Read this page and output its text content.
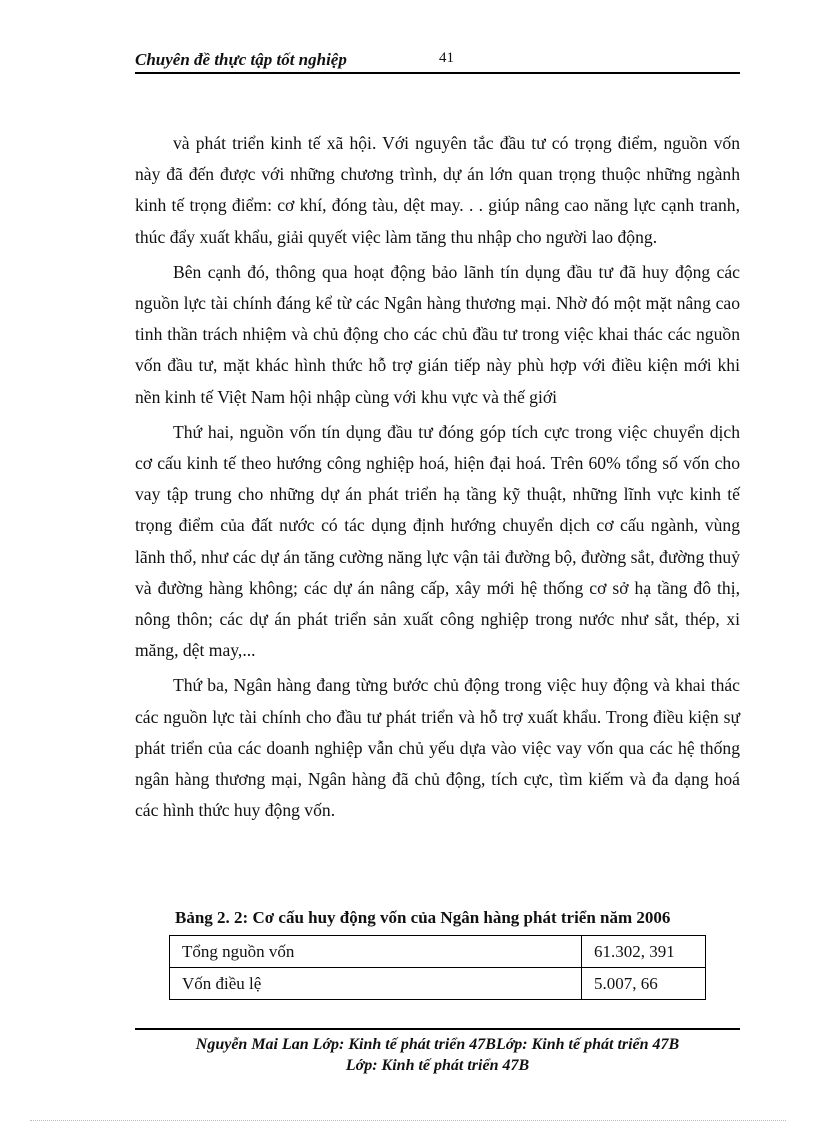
Chuyên đề thực tập tốt nghiệp	41

và phát triển kinh tế xã hội. Với nguyên tắc đầu tư có trọng điểm, nguồn vốn này đã đến được với những chương trình, dự án lớn quan trọng thuộc những ngành kinh tế trọng điểm: cơ khí, đóng tàu, dệt may. . . giúp nâng cao năng lực cạnh tranh, thúc đẩy xuất khẩu, giải quyết việc làm tăng thu nhập cho người lao động.

Bên cạnh đó, thông qua hoạt động bảo lãnh tín dụng đầu tư đã huy động các nguồn lực tài chính đáng kể từ các Ngân hàng thương mại. Nhờ đó một mặt nâng cao tinh thần trách nhiệm và chủ động cho các chủ đầu tư trong việc khai thác các nguồn vốn đầu tư, mặt khác hình thức hỗ trợ gián tiếp này phù hợp với điều kiện mới khi nền kinh tế Việt Nam hội nhập cùng với khu vực và thế giới

Thứ hai, nguồn vốn tín dụng đầu tư đóng góp tích cực trong việc chuyển dịch cơ cấu kinh tế theo hướng công nghiệp hoá, hiện đại hoá. Trên 60% tổng số vốn cho vay tập trung cho những dự án phát triển hạ tầng kỹ thuật, những lĩnh vực kinh tế trọng điểm của đất nước có tác dụng định hướng chuyển dịch cơ cấu ngành, vùng lãnh thổ, như các dự án tăng cường năng lực vận tải đường bộ, đường sắt, đường thuỷ và đường hàng không; các dự án nâng cấp, xây mới hệ thống cơ sở hạ tầng đô thị, nông thôn; các dự án phát triển sản xuất công nghiệp trong nước như sắt, thép, xi măng, dệt may,...

Thứ ba, Ngân hàng đang từng bước chủ động trong việc huy động và khai thác các nguồn lực tài chính cho đầu tư phát triển và hỗ trợ xuất khẩu. Trong điều kiện sự phát triển của các doanh nghiệp vẫn chủ yếu dựa vào việc vay vốn qua các hệ thống ngân hàng thương mại, Ngân hàng đã chủ động, tích cực, tìm kiếm và đa dạng hoá các hình thức huy động vốn.

Bảng 2. 2: Cơ cấu huy động vốn của Ngân hàng phát triển năm 2006
Tổng nguồn vốn	61.302, 391
Vốn điều lệ	5.007, 66
Nguyễn Mai Lan Lớp: Kinh tế phát triển 47BLớp: Kinh tế phát triển 47B
Lớp: Kinh tế phát triển 47B
